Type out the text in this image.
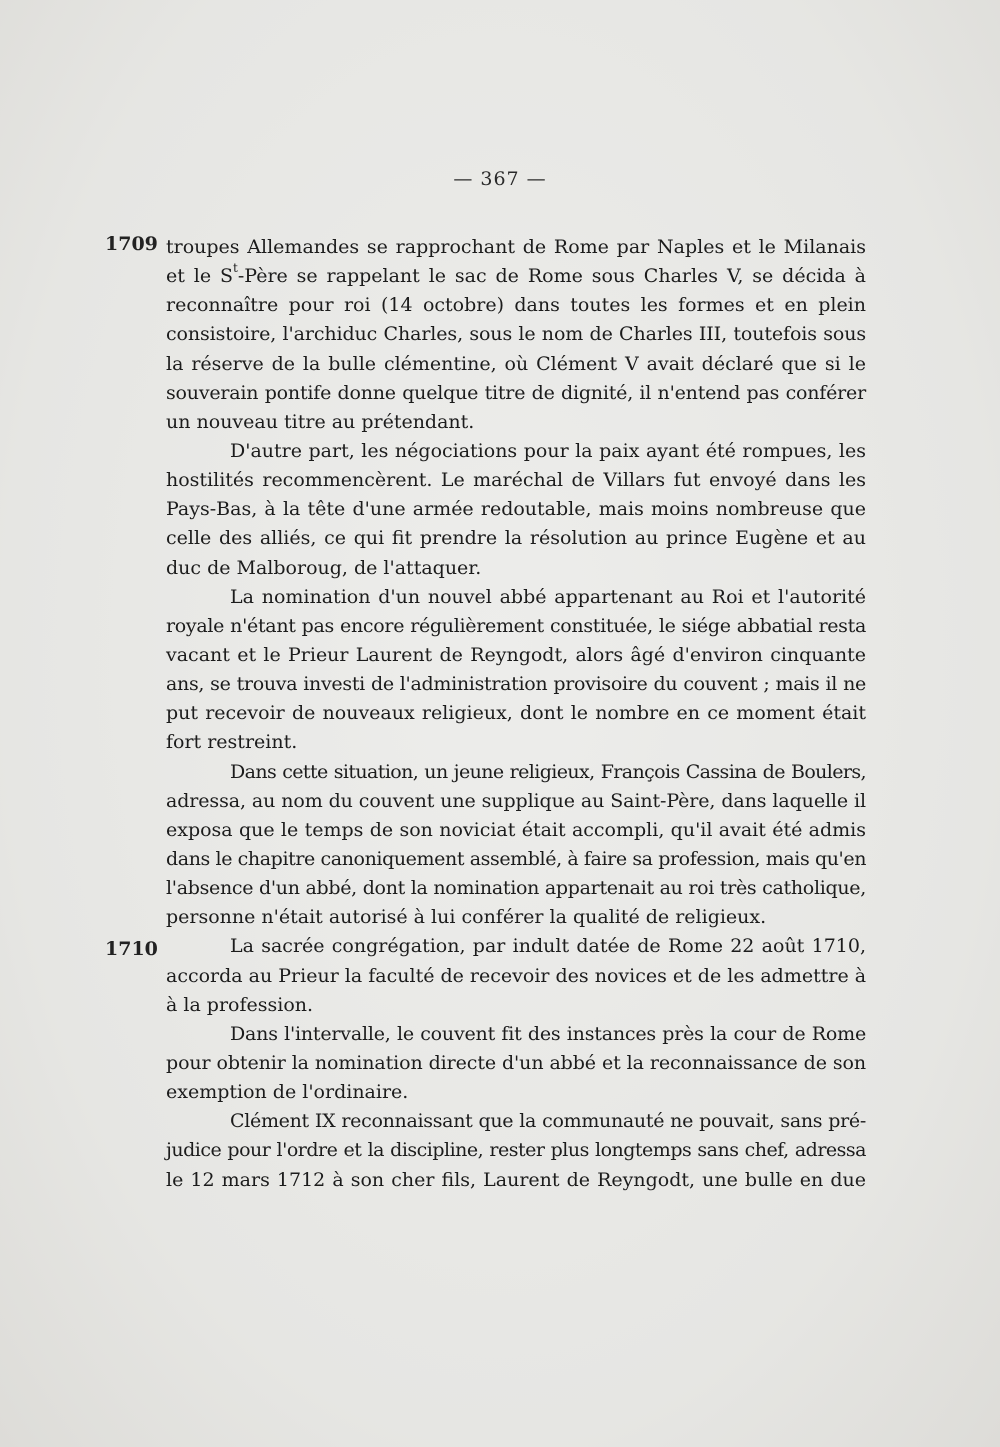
— 367 —
1709
1710
troupes Allemandes se rapprochant de Rome par Naples et le Milanais
et le $S^t$-Père se rappelant le sac de Rome sous Charles V, se décida à
reconnaître pour roi (14 octobre) dans toutes les formes et en plein
consistoire, l'archiduc Charles, sous le nom de Charles III, toutefois sous
la réserve de la bulle clémentine, où Clément V avait déclaré que si le
souverain pontife donne quelque titre de dignité, il n'entend pas conférer
un nouveau titre au prétendant.
D'autre part, les négociations pour la paix ayant été rompues, les
hostilités recommencèrent. Le maréchal de Villars fut envoyé dans les
Pays-Bas, à la tête d'une armée redoutable, mais moins nombreuse que
celle des alliés, ce qui fit prendre la résolution au prince Eugène et au
duc de Malboroug, de l'attaquer.
La nomination d'un nouvel abbé appartenant au Roi et l'autorité
royale n'étant pas encore régulièrement constituée, le siége abbatial resta
vacant et le Prieur Laurent de Reyngodt, alors âgé d'environ cinquante
ans, se trouva investi de l'administration provisoire du couvent ; mais il ne
put recevoir de nouveaux religieux, dont le nombre en ce moment était
fort restreint.
Dans cette situation, un jeune religieux, François Cassina de Boulers,
adressa, au nom du couvent une supplique au Saint-Père, dans laquelle il
exposa que le temps de son noviciat était accompli, qu'il avait été admis
dans le chapitre canoniquement assemblé, à faire sa profession, mais qu'en
l'absence d'un abbé, dont la nomination appartenait au roi très catholique,
personne n'était autorisé à lui conférer la qualité de religieux.
La sacrée congrégation, par indult datée de Rome 22 août 1710,
accorda au Prieur la faculté de recevoir des novices et de les admettre à
à la profession.
Dans l'intervalle, le couvent fit des instances près la cour de Rome
pour obtenir la nomination directe d'un abbé et la reconnaissance de son
exemption de l'ordinaire.
Clément IX reconnaissant que la communauté ne pouvait, sans pré-
judice pour l'ordre et la discipline, rester plus longtemps sans chef, adressa
le 12 mars 1712 à son cher fils, Laurent de Reyngodt, une bulle en due
